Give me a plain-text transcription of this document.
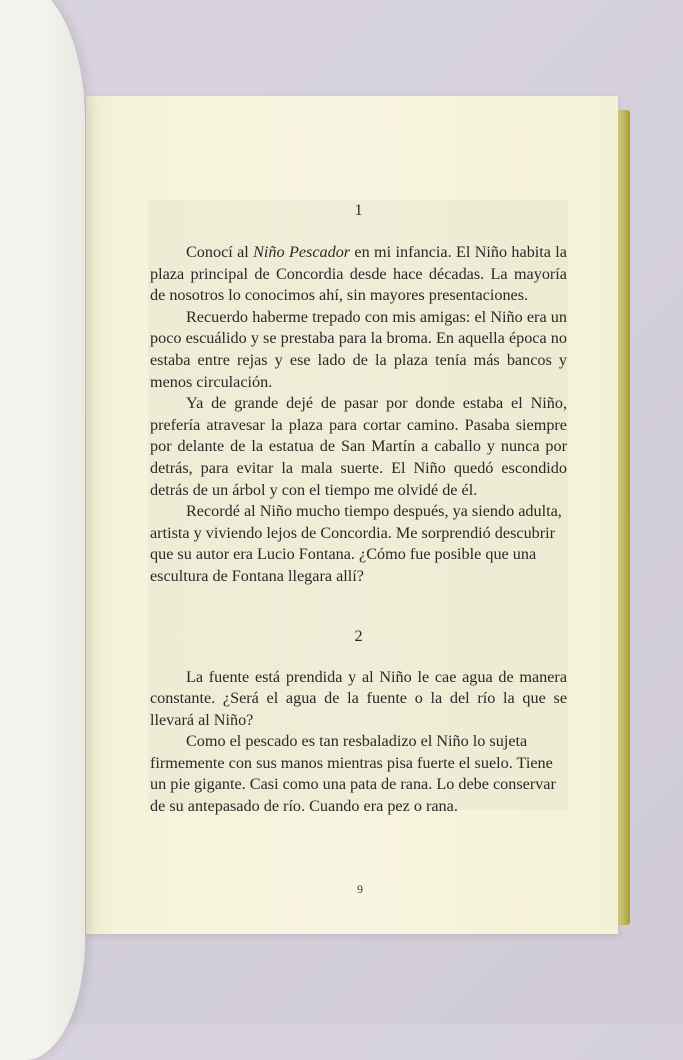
1

Conocí al Niño Pescador en mi infancia. El Niño habita la plaza principal de Concordia desde hace décadas. La mayoría de nosotros lo conocimos ahí, sin mayores presentaciones.

Recuerdo haberme trepado con mis amigas: el Niño era un poco escuálido y se prestaba para la broma. En aquella época no estaba entre rejas y ese lado de la plaza tenía más bancos y menos circulación.

Ya de grande dejé de pasar por donde estaba el Niño, prefería atravesar la plaza para cortar camino. Pasaba siempre por delante de la estatua de San Martín a caballo y nunca por detrás, para evitar la mala suerte. El Niño quedó escondido detrás de un árbol y con el tiempo me olvidé de él.

Recordé al Niño mucho tiempo después, ya siendo adulta, artista y viviendo lejos de Concordia. Me sorprendió descubrir que su autor era Lucio Fontana. ¿Cómo fue posible que una escultura de Fontana llegara allí?

2

La fuente está prendida y al Niño le cae agua de manera constante. ¿Será el agua de la fuente o la del río la que se llevará al Niño?

Como el pescado es tan resbaladizo el Niño lo sujeta firmemente con sus manos mientras pisa fuerte el suelo. Tiene un pie gigante. Casi como una pata de rana. Lo debe conservar de su antepasado de río. Cuando era pez o rana.

9
